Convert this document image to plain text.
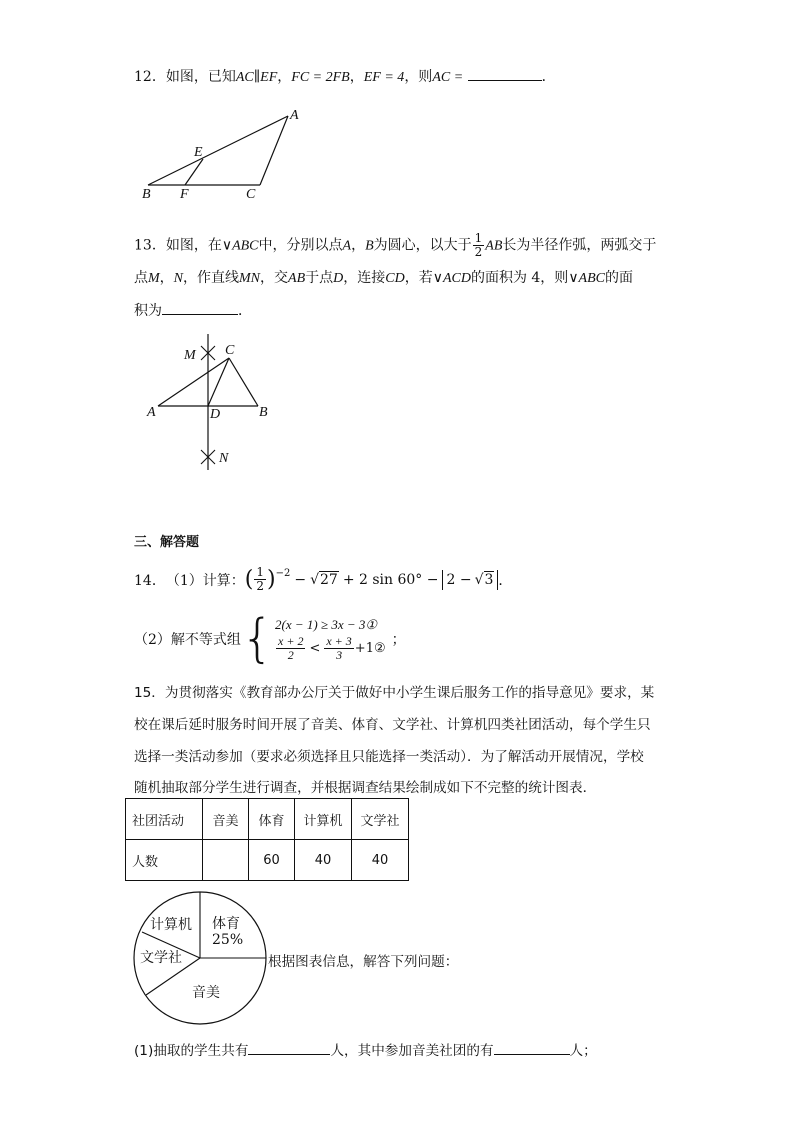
12．如图，已知AC∥EF，FC = 2FB，EF = 4，则AC =	．
A
E
B F	C
13．如图，在∨ABC中，分别以点A，B为圆心，以大于 $\frac{1}{2}$ AB长为半径作弧，两弧交于
点M，N，作直线MN，交AB于点D，连接CD，若∨ACD的面积为 4，则∨ABC的面
积为	．
M C
A	D	B
N
三、解答题
14． （1）计算： ( $\frac{1}{2} )^{-2}$ − √ 27 + 2 sin 60° − 2 − √ 3 ．
（2）解不等式组 { 2(x − 1) ≥ 3x − 3①
$\frac{x + 2}{2} < \frac{x + 3}{3}$ +1② ；
15．为贯彻落实《教育部办公厅关于做好中小学生课后服务工作的指导意见》要求，某
校在课后延时服务时间开展了音美、体育、文学社、计算机四类社团活动，每个学生只
选择一类活动参加（要求必须选择且只能选择一类活动）．为了解活动开展情况，学校
随机抽取部分学生进行调查，并根据调查结果绘制成如下不完整的统计图表．
社团活动	音美	体育	计算机	文学社
人数		60	40	40
体育
25%
计算机
文学社
音美
根据图表信息，解答下列问题：
(1)抽取的学生共有	人，其中参加音美社团的有	人；
